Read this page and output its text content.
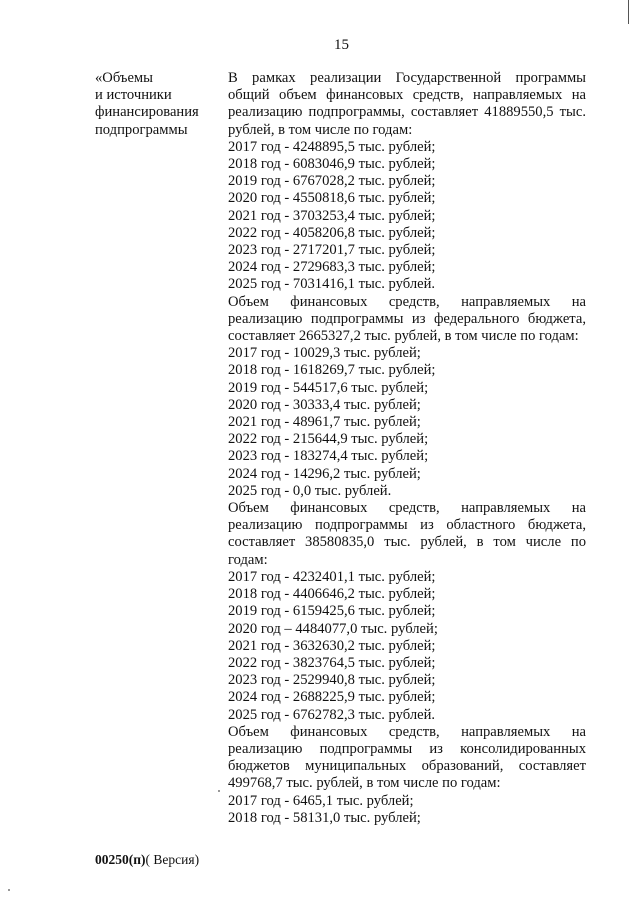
15
«Объемы
и источники
финансирования
подпрограммы

В рамках реализации Государственной программы общий объем финансовых средств, направляемых на реализацию подпрограммы, составляет 41889550,5 тыс. рублей, в том числе по годам:

2017 год - 4248895,5 тыс. рублей;

2018 год - 6083046,9 тыс. рублей;

2019 год - 6767028,2 тыс. рублей;

2020 год - 4550818,6 тыс. рублей;

2021 год - 3703253,4 тыс. рублей;

2022 год - 4058206,8 тыс. рублей;

2023 год - 2717201,7 тыс. рублей;

2024 год - 2729683,3 тыс. рублей;

2025 год - 7031416,1 тыс. рублей.

Объем финансовых средств, направляемых на реализацию подпрограммы из федерального бюджета, составляет 2665327,2 тыс. рублей, в том числе по годам:

2017 год - 10029,3 тыс. рублей;

2018 год - 1618269,7 тыс. рублей;

2019 год - 544517,6 тыс. рублей;

2020 год - 30333,4 тыс. рублей;

2021 год - 48961,7 тыс. рублей;

2022 год - 215644,9 тыс. рублей;

2023 год - 183274,4 тыс. рублей;

2024 год - 14296,2 тыс. рублей;

2025 год - 0,0 тыс. рублей.

Объем финансовых средств, направляемых на реализацию подпрограммы из областного бюджета, составляет 38580835,0 тыс. рублей, в том числе по годам:

2017 год - 4232401,1 тыс. рублей;

2018 год - 4406646,2 тыс. рублей;

2019 год - 6159425,6 тыс. рублей;

2020 год – 4484077,0 тыс. рублей;

2021 год - 3632630,2 тыс. рублей;

2022 год - 3823764,5 тыс. рублей;

2023 год - 2529940,8 тыс. рублей;

2024 год - 2688225,9 тыс. рублей;

2025 год - 6762782,3 тыс. рублей.

Объем финансовых средств, направляемых на реализацию подпрограммы из консолидированных бюджетов муниципальных образований, составляет 499768,7 тыс. рублей, в том числе по годам:

2017 год - 6465,1 тыс. рублей;

2018 год - 58131,0 тыс. рублей;

00250(п)( Версия)
